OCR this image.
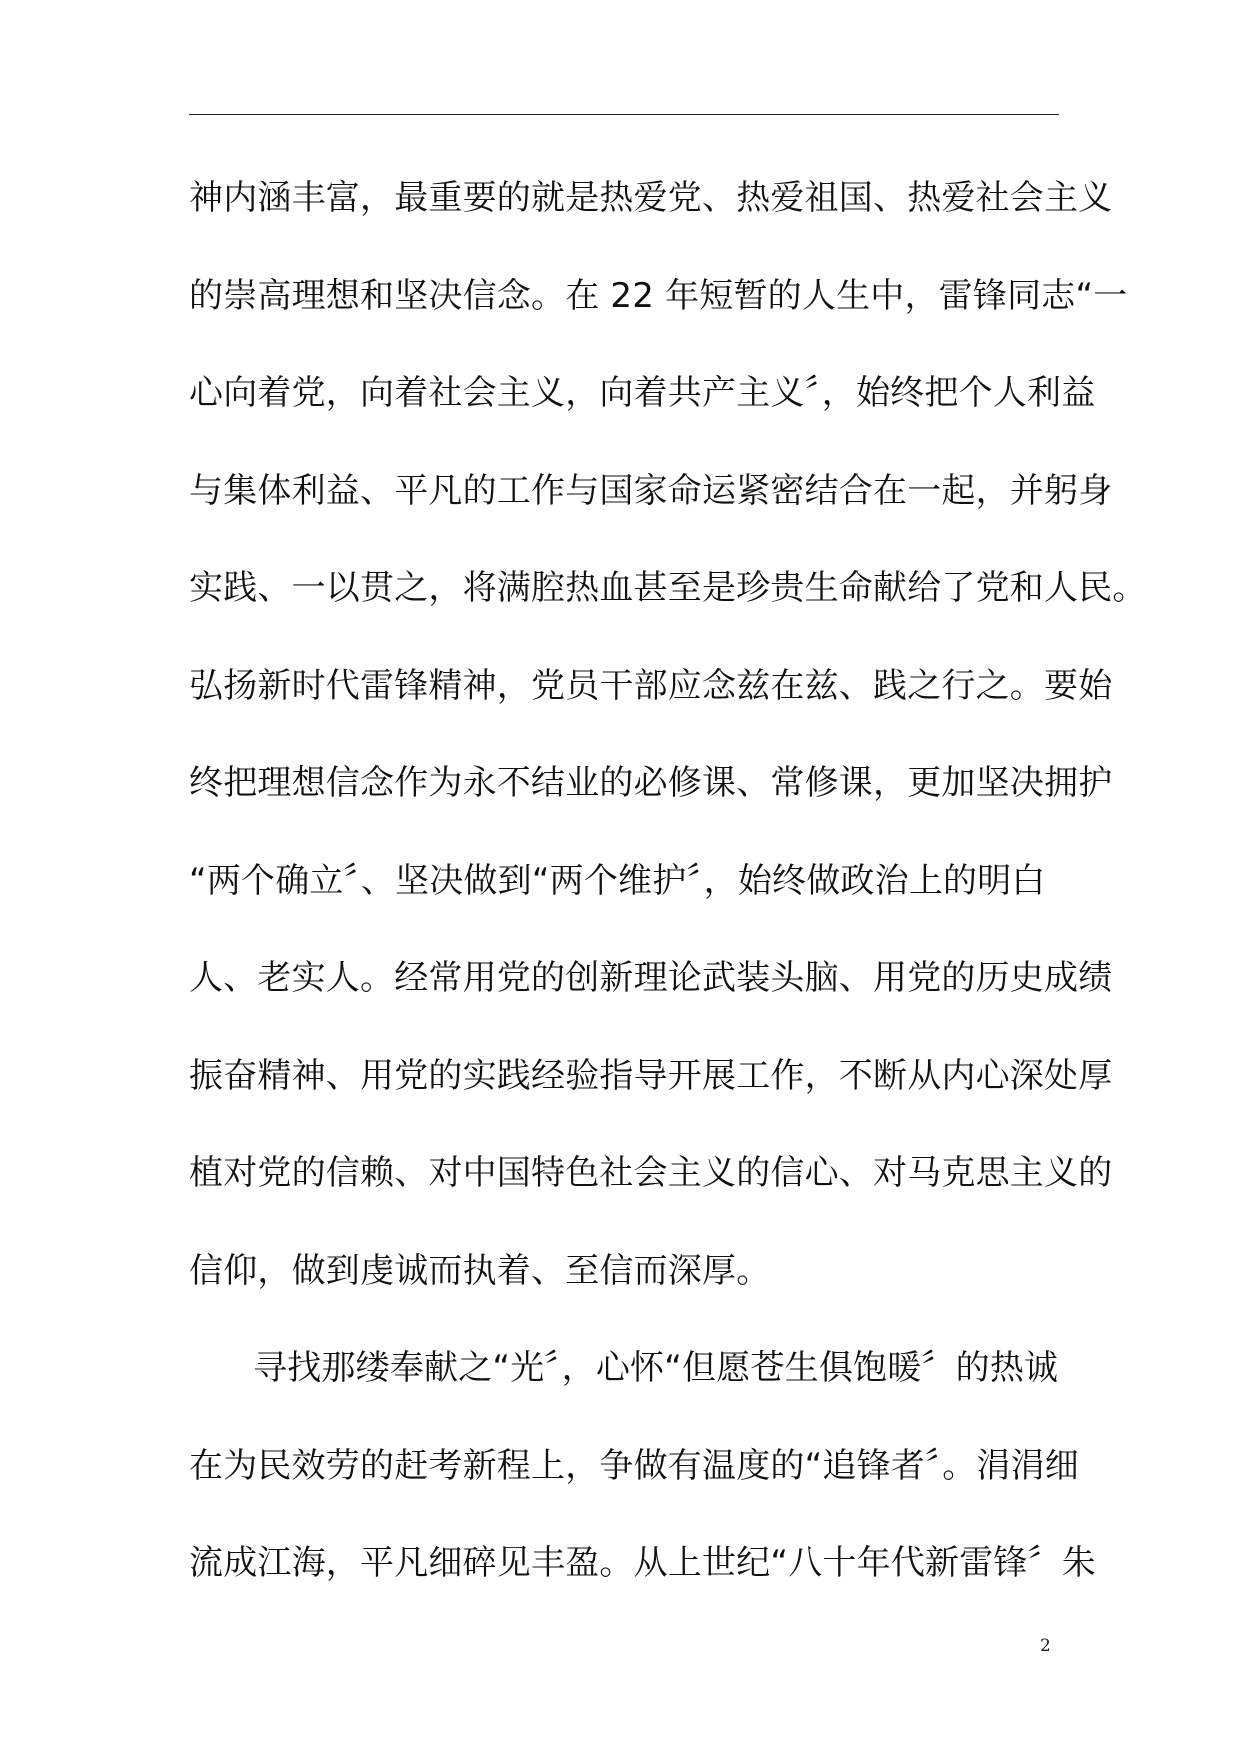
神内涵丰富，最重要的就是热爱党、热爱祖国、热爱社会主义
的崇高理想和坚决信念。在 22 年短暂的人生中，雷锋同志“一
心向着党，向着社会主义，向着共产主义〞，始终把个人利益
与集体利益、平凡的工作与国家命运紧密结合在一起，并躬身
实践、一以贯之，将满腔热血甚至是珍贵生命献给了党和人民。
弘扬新时代雷锋精神，党员干部应念兹在兹、践之行之。要始
终把理想信念作为永不结业的必修课、常修课，更加坚决拥护
“两个确立〞、坚决做到“两个维护〞，始终做政治上的明白
人、老实人。经常用党的创新理论武装头脑、用党的历史成绩
振奋精神、用党的实践经验指导开展工作，不断从内心深处厚
植对党的信赖、对中国特色社会主义的信心、对马克思主义的
信仰，做到虔诚而执着、至信而深厚。
寻找那缕奉献之“光〞，心怀“但愿苍生俱饱暖〞的热诚
在为民效劳的赶考新程上，争做有温度的“追锋者〞。涓涓细
流成江海，平凡细碎见丰盈。从上世纪“八十年代新雷锋〞朱
2
